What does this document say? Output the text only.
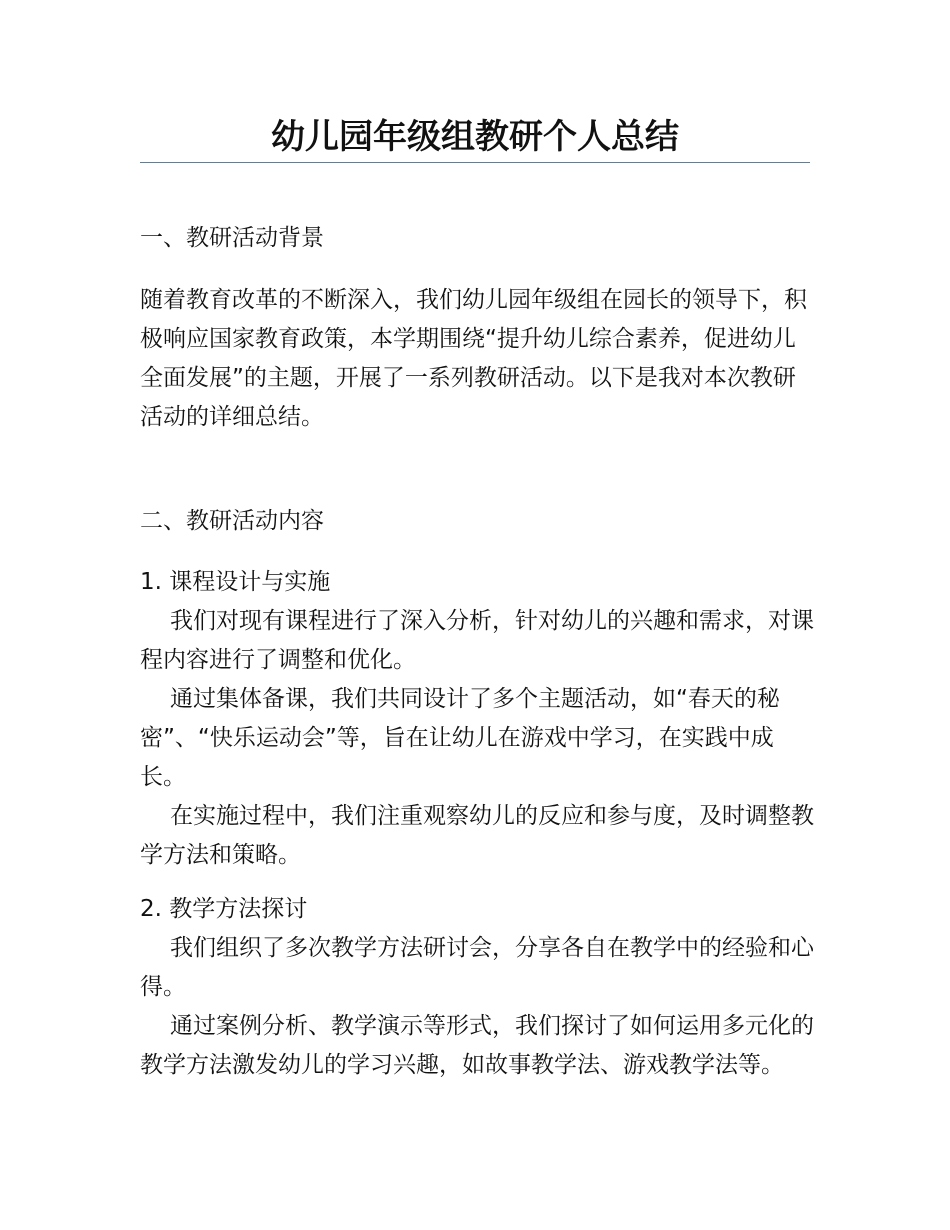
幼儿园年级组教研个人总结
一、教研活动背景

随着教育改革的不断深入，我们幼儿园年级组在园长的领导下，积极响应国家教育政策，本学期围绕“提升幼儿综合素养，促进幼儿全面发展”的主题，开展了一系列教研活动。以下是我对本次教研活动的详细总结。

二、教研活动内容

1. 课程设计与实施

我们对现有课程进行了深入分析，针对幼儿的兴趣和需求，对课程内容进行了调整和优化。

通过集体备课，我们共同设计了多个主题活动，如“春天的秘密”、“快乐运动会”等，旨在让幼儿在游戏中学习，在实践中成长。

在实施过程中，我们注重观察幼儿的反应和参与度，及时调整教学方法和策略。

2. 教学方法探讨

我们组织了多次教学方法研讨会，分享各自在教学中的经验和心得。

通过案例分析、教学演示等形式，我们探讨了如何运用多元化的教学方法激发幼儿的学习兴趣，如故事教学法、游戏教学法等。
